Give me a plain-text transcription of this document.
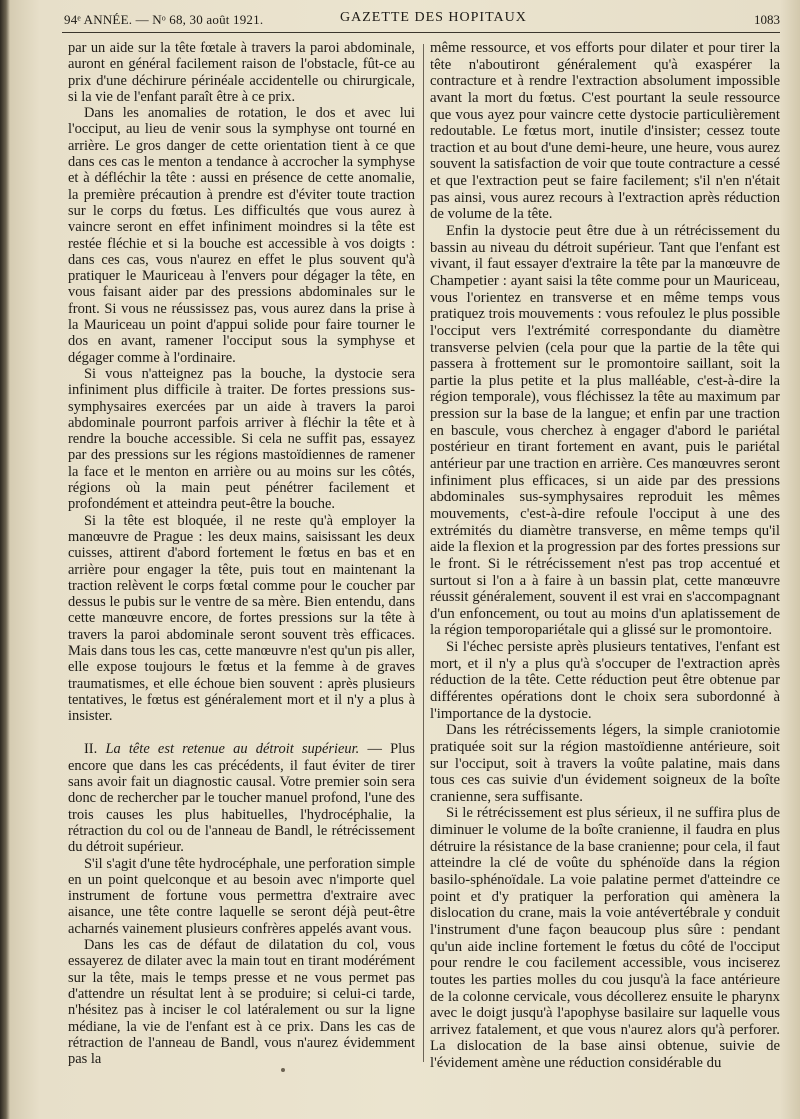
94ᵉ ANNÉE. — Nᵒ 68, 30 août 1921.	GAZETTE DES HOPITAUX	1083

par un aide sur la tête fœtale à travers la paroi abdominale, auront en général facilement raison de l'obstacle, fût-ce au prix d'une déchirure périnéale accidentelle ou chirurgicale, si la vie de l'enfant paraît être à ce prix.

Dans les anomalies de rotation, le dos et avec lui l'occiput, au lieu de venir sous la symphyse ont tourné en arrière. Le gros danger de cette orientation tient à ce que dans ces cas le menton a tendance à accrocher la symphyse et à défléchir la tête : aussi en présence de cette anomalie, la première précaution à prendre est d'éviter toute traction sur le corps du fœtus. Les difficultés que vous aurez à vaincre seront en effet infiniment moindres si la tête est restée fléchie et si la bouche est accessible à vos doigts : dans ces cas, vous n'aurez en effet le plus souvent qu'à pratiquer le Mauriceau à l'envers pour dégager la tête, en vous faisant aider par des pressions abdominales sur le front. Si vous ne réussissez pas, vous aurez dans la prise à la Mauriceau un point d'appui solide pour faire tourner le dos en avant, ramener l'occiput sous la symphyse et dégager comme à l'ordinaire.

Si vous n'atteignez pas la bouche, la dystocie sera infiniment plus difficile à traiter. De fortes pressions sus-symphysaires exercées par un aide à travers la paroi abdominale pourront parfois arriver à fléchir la tête et à rendre la bouche accessible. Si cela ne suffit pas, essayez par des pressions sur les régions mastoïdiennes de ramener la face et le menton en arrière ou au moins sur les côtés, régions où la main peut pénétrer facilement et profondément et atteindra peut-être la bouche.

Si la tête est bloquée, il ne reste qu'à employer la manœuvre de Prague : les deux mains, saisissant les deux cuisses, attirent d'abord fortement le fœtus en bas et en arrière pour engager la tête, puis tout en maintenant la traction relèvent le corps fœtal comme pour le coucher par dessus le pubis sur le ventre de sa mère. Bien entendu, dans cette manœuvre encore, de fortes pressions sur la tête à travers la paroi abdominale seront souvent très efficaces. Mais dans tous les cas, cette manœuvre n'est qu'un pis aller, elle expose toujours le fœtus et la femme à de graves traumatismes, et elle échoue bien souvent : après plusieurs tentatives, le fœtus est généralement mort et il n'y a plus à insister.

II. La tête est retenue au détroit supérieur. — Plus encore que dans les cas précédents, il faut éviter de tirer sans avoir fait un diagnostic causal. Votre premier soin sera donc de rechercher par le toucher manuel profond, l'une des trois causes les plus habituelles, l'hydrocéphalie, la rétraction du col ou de l'anneau de Bandl, le rétrécissement du détroit supérieur.

S'il s'agit d'une tête hydrocéphale, une perforation simple en un point quelconque et au besoin avec n'importe quel instrument de fortune vous permettra d'extraire avec aisance, une tête contre laquelle se seront déjà peut-être acharnés vainement plusieurs confrères appelés avant vous.

Dans les cas de défaut de dilatation du col, vous essayerez de dilater avec la main tout en tirant modérément sur la tête, mais le temps presse et ne vous permet pas d'attendre un résultat lent à se produire; si celui-ci tarde, n'hésitez pas à inciser le col latéralement ou sur la ligne médiane, la vie de l'enfant est à ce prix. Dans les cas de rétraction de l'anneau de Bandl, vous n'aurez évidemment pas la

même ressource, et vos efforts pour dilater et pour tirer la tête n'aboutiront généralement qu'à exaspérer la contracture et à rendre l'extraction absolument impossible avant la mort du fœtus. C'est pourtant la seule ressource que vous ayez pour vaincre cette dystocie particulièrement redoutable. Le fœtus mort, inutile d'insister; cessez toute traction et au bout d'une demi-heure, une heure, vous aurez souvent la satisfaction de voir que toute contracture a cessé et que l'extraction peut se faire facilement; s'il n'en n'était pas ainsi, vous aurez recours à l'extraction après réduction de volume de la tête.

Enfin la dystocie peut être due à un rétrécissement du bassin au niveau du détroit supérieur. Tant que l'enfant est vivant, il faut essayer d'extraire la tête par la manœuvre de Champetier : ayant saisi la tête comme pour un Mauriceau, vous l'orientez en transverse et en même temps vous pratiquez trois mouvements : vous refoulez le plus possible l'occiput vers l'extrémité correspondante du diamètre transverse pelvien (cela pour que la partie de la tête qui passera à frottement sur le promontoire saillant, soit la partie la plus petite et la plus malléable, c'est-à-dire la région temporale), vous fléchissez la tête au maximum par pression sur la base de la langue; et enfin par une traction en bascule, vous cherchez à engager d'abord le pariétal postérieur en tirant fortement en avant, puis le pariétal antérieur par une traction en arrière. Ces manœuvres seront infiniment plus efficaces, si un aide par des pressions abdominales sus-symphysaires reproduit les mêmes mouvements, c'est-à-dire refoule l'occiput à une des extrémités du diamètre transverse, en même temps qu'il aide la flexion et la progression par des fortes pressions sur le front. Si le rétrécissement n'est pas trop accentué et surtout si l'on a à faire à un bassin plat, cette manœuvre réussit généralement, souvent il est vrai en s'accompagnant d'un enfoncement, ou tout au moins d'un aplatissement de la région temporopariétale qui a glissé sur le promontoire.

Si l'échec persiste après plusieurs tentatives, l'enfant est mort, et il n'y a plus qu'à s'occuper de l'extraction après réduction de la tête. Cette réduction peut être obtenue par différentes opérations dont le choix sera subordonné à l'importance de la dystocie.

Dans les rétrécissements légers, la simple craniotomie pratiquée soit sur la région mastoïdienne antérieure, soit sur l'occiput, soit à travers la voûte palatine, mais dans tous ces cas suivie d'un évidement soigneux de la boîte cranienne, sera suffisante.

Si le rétrécissement est plus sérieux, il ne suffira plus de diminuer le volume de la boîte cranienne, il faudra en plus détruire la résistance de la base cranienne; pour cela, il faut atteindre la clé de voûte du sphénoïde dans la région basilo-sphénoïdale. La voie palatine permet d'atteindre ce point et d'y pratiquer la perforation qui amènera la dislocation du crane, mais la voie antévertébrale y conduit l'instrument d'une façon beaucoup plus sûre : pendant qu'un aide incline fortement le fœtus du côté de l'occiput pour rendre le cou facilement accessible, vous inciserez toutes les parties molles du cou jusqu'à la face antérieure de la colonne cervicale, vous décollerez ensuite le pharynx avec le doigt jusqu'à l'apophyse basilaire sur laquelle vous arrivez fatalement, et que vous n'aurez alors qu'à perforer. La dislocation de la base ainsi obtenue, suivie de l'évidement amène une réduction considérable du
